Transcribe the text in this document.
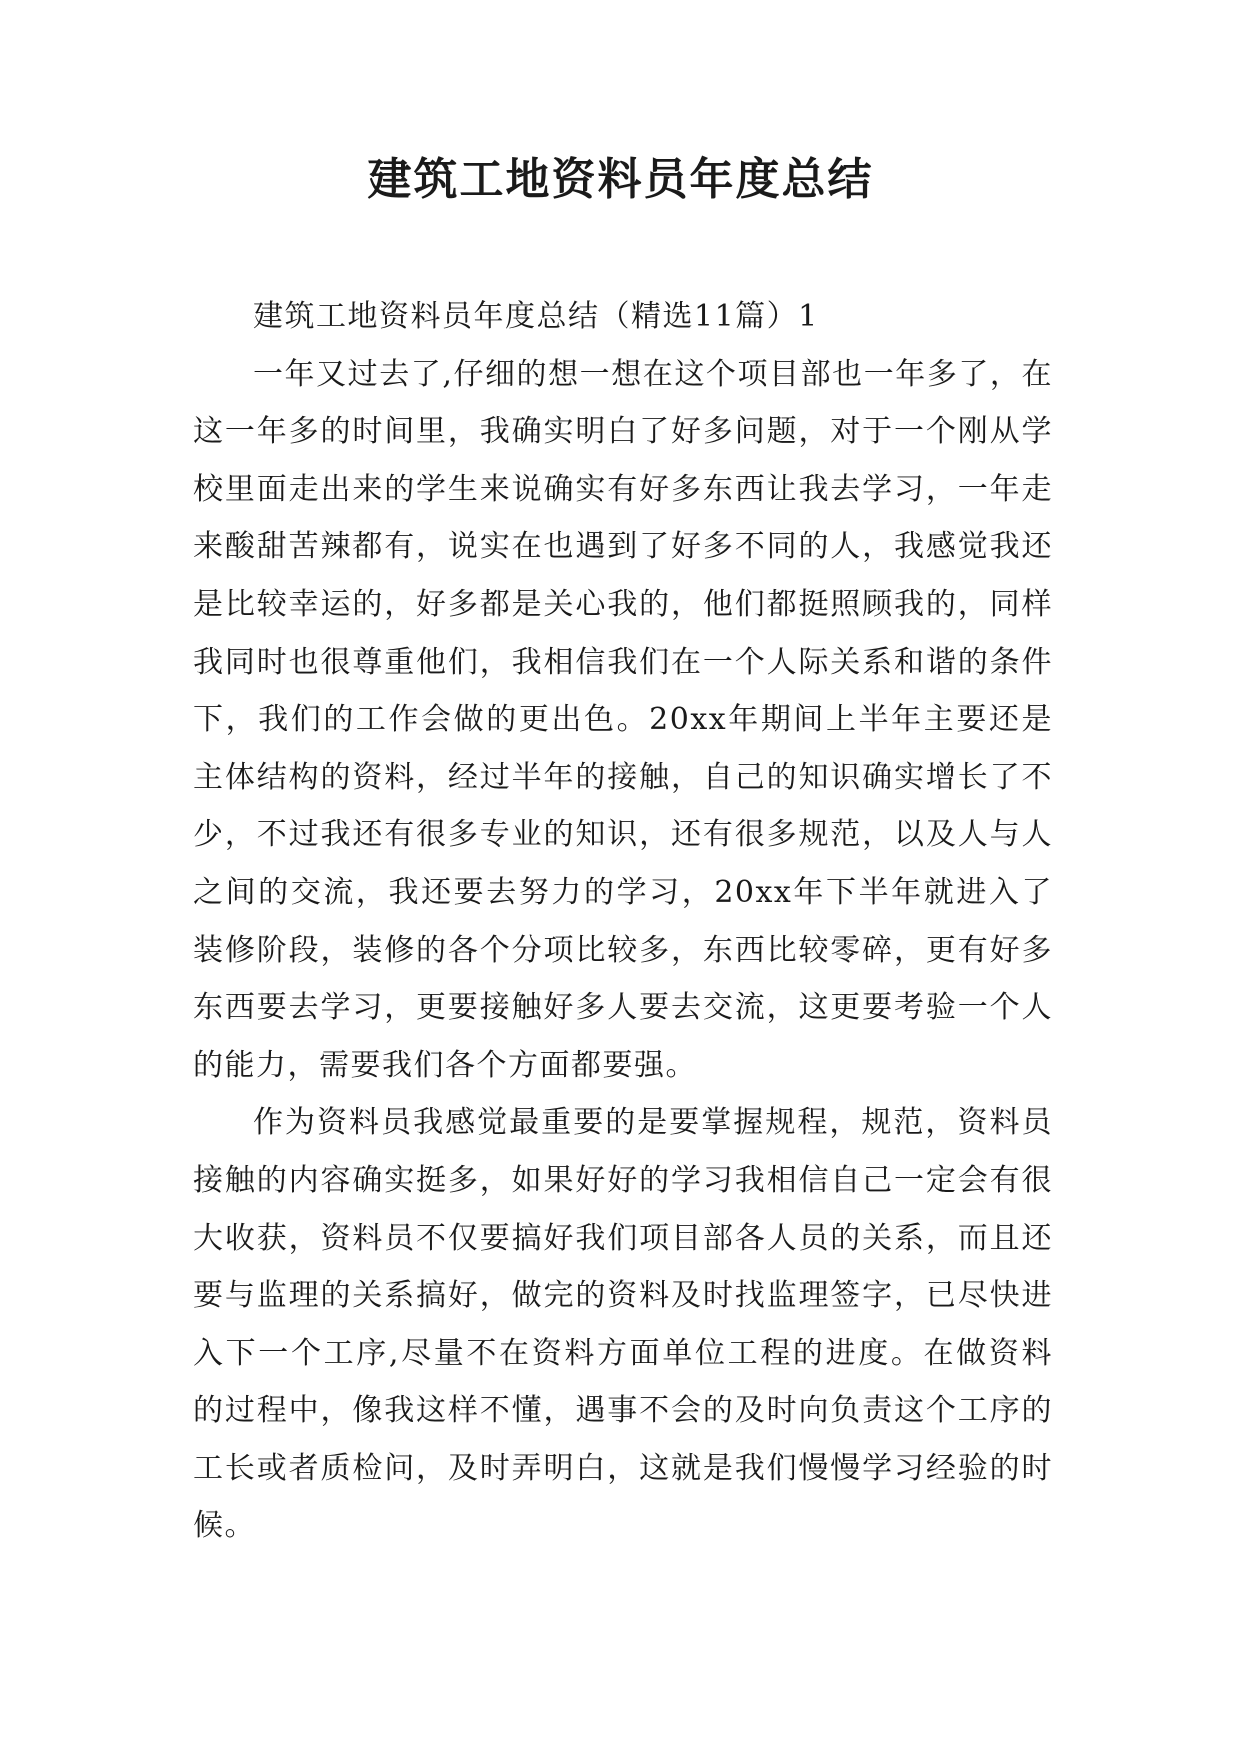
建筑工地资料员年度总结

建筑工地资料员年度总结（精选11篇）1

一年又过去了,仔细的想一想在这个项目部也一年多了，在这一年多的时间里，我确实明白了好多问题，对于一个刚从学校里面走出来的学生来说确实有好多东西让我去学习，一年走来酸甜苦辣都有，说实在也遇到了好多不同的人，我感觉我还是比较幸运的，好多都是关心我的，他们都挺照顾我的，同样我同时也很尊重他们，我相信我们在一个人际关系和谐的条件下，我们的工作会做的更出色。20xx年期间上半年主要还是主体结构的资料，经过半年的接触，自己的知识确实增长了不少，不过我还有很多专业的知识，还有很多规范，以及人与人之间的交流，我还要去努力的学习，20xx年下半年就进入了装修阶段，装修的各个分项比较多，东西比较零碎，更有好多东西要去学习，更要接触好多人要去交流，这更要考验一个人的能力，需要我们各个方面都要强。

作为资料员我感觉最重要的是要掌握规程，规范，资料员接触的内容确实挺多，如果好好的学习我相信自己一定会有很大收获，资料员不仅要搞好我们项目部各人员的关系，而且还要与监理的关系搞好，做完的资料及时找监理签字，已尽快进入下一个工序,尽量不在资料方面单位工程的进度。在做资料的过程中，像我这样不懂，遇事不会的及时向负责这个工序的工长或者质检问，及时弄明白，这就是我们慢慢学习经验的时候。
